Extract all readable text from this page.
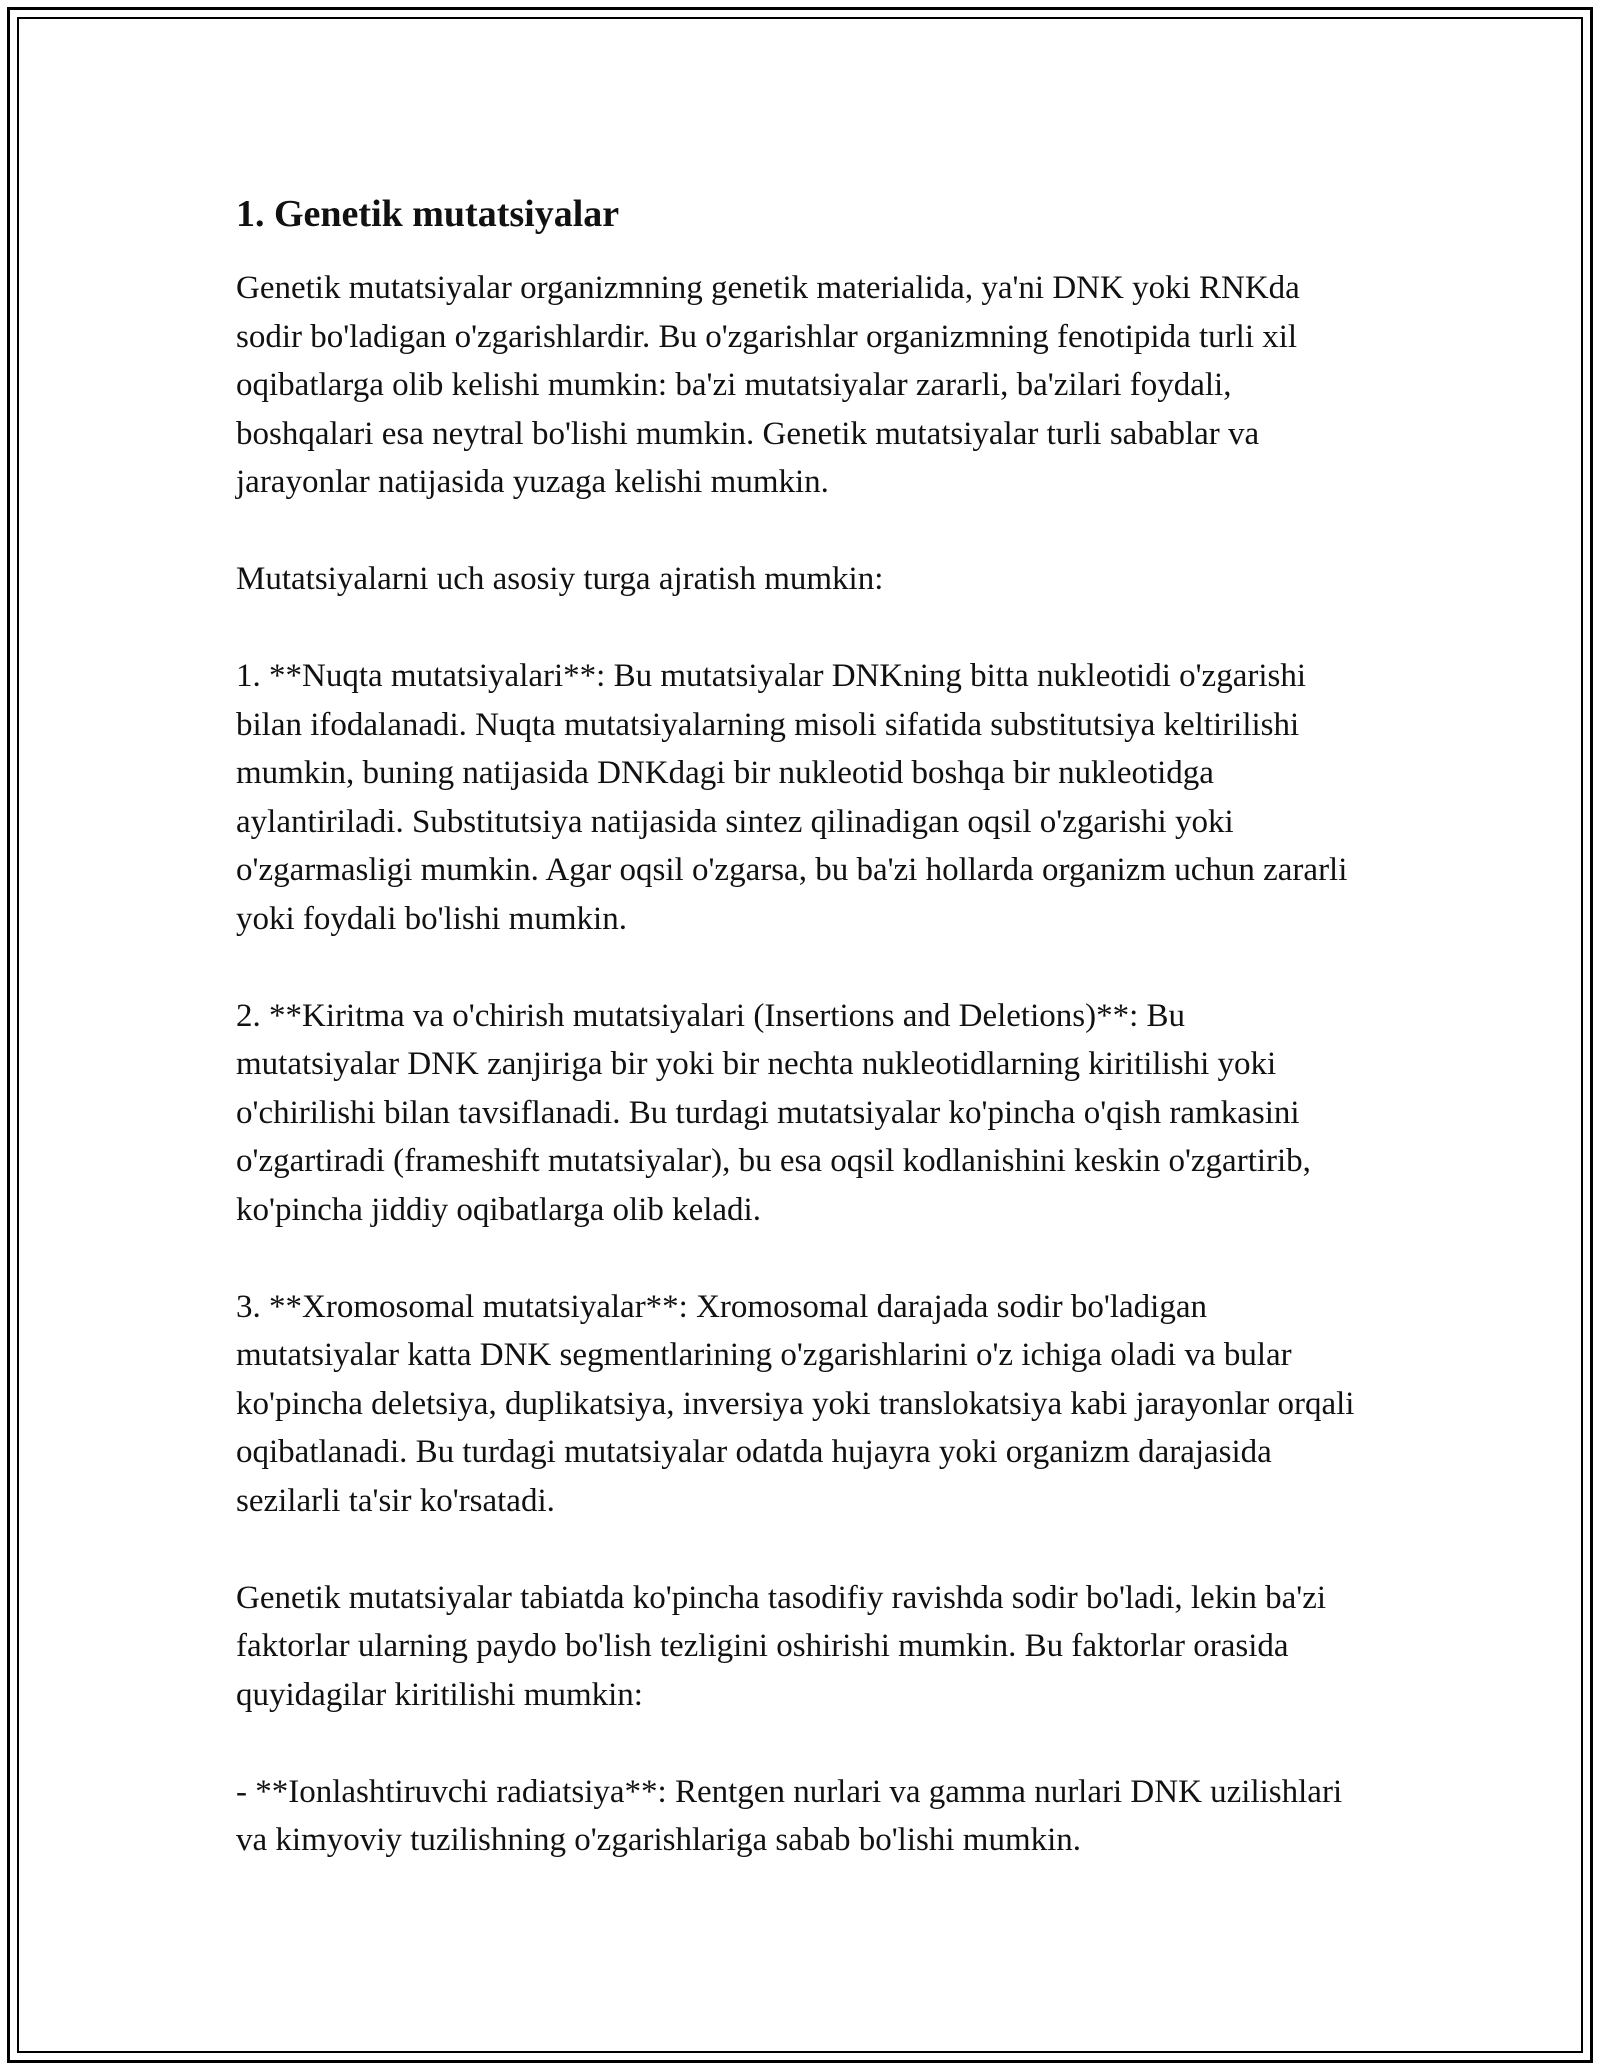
1. Genetik mutatsiyalar

Genetik mutatsiyalar organizmning genetik materialida, ya'ni DNK yoki RNKda sodir bo'ladigan o'zgarishlardir. Bu o'zgarishlar organizmning fenotipida turli xil oqibatlarga olib kelishi mumkin: ba'zi mutatsiyalar zararli, ba'zilari foydali, boshqalari esa neytral bo'lishi mumkin. Genetik mutatsiyalar turli sabablar va jarayonlar natijasida yuzaga kelishi mumkin.

Mutatsiyalarni uch asosiy turga ajratish mumkin:

1. **Nuqta mutatsiyalari**: Bu mutatsiyalar DNKning bitta nukleotidi o'zgarishi bilan ifodalanadi. Nuqta mutatsiyalarning misoli sifatida substitutsiya keltirilishi mumkin, buning natijasida DNKdagi bir nukleotid boshqa bir nukleotidga aylantiriladi. Substitutsiya natijasida sintez qilinadigan oqsil o'zgarishi yoki o'zgarmasligi mumkin. Agar oqsil o'zgarsa, bu ba'zi hollarda organizm uchun zararli yoki foydali bo'lishi mumkin.

2. **Kiritma va o'chirish mutatsiyalari (Insertions and Deletions)**: Bu mutatsiyalar DNK zanjiriga bir yoki bir nechta nukleotidlarning kiritilishi yoki o'chirilishi bilan tavsiflanadi. Bu turdagi mutatsiyalar ko'pincha o'qish ramkasini o'zgartiradi (frameshift mutatsiyalar), bu esa oqsil kodlanishini keskin o'zgartirib, ko'pincha jiddiy oqibatlarga olib keladi.

3. **Xromosomal mutatsiyalar**: Xromosomal darajada sodir bo'ladigan mutatsiyalar katta DNK segmentlarining o'zgarishlarini o'z ichiga oladi va bular ko'pincha deletsiya, duplikatsiya, inversiya yoki translokatsiya kabi jarayonlar orqali oqibatlanadi. Bu turdagi mutatsiyalar odatda hujayra yoki organizm darajasida sezilarli ta'sir ko'rsatadi.

Genetik mutatsiyalar tabiatda ko'pincha tasodifiy ravishda sodir bo'ladi, lekin ba'zi faktorlar ularning paydo bo'lish tezligini oshirishi mumkin. Bu faktorlar orasida quyidagilar kiritilishi mumkin:

- **Ionlashtiruvchi radiatsiya**: Rentgen nurlari va gamma nurlari DNK uzilishlari va kimyoviy tuzilishning o'zgarishlariga sabab bo'lishi mumkin.
